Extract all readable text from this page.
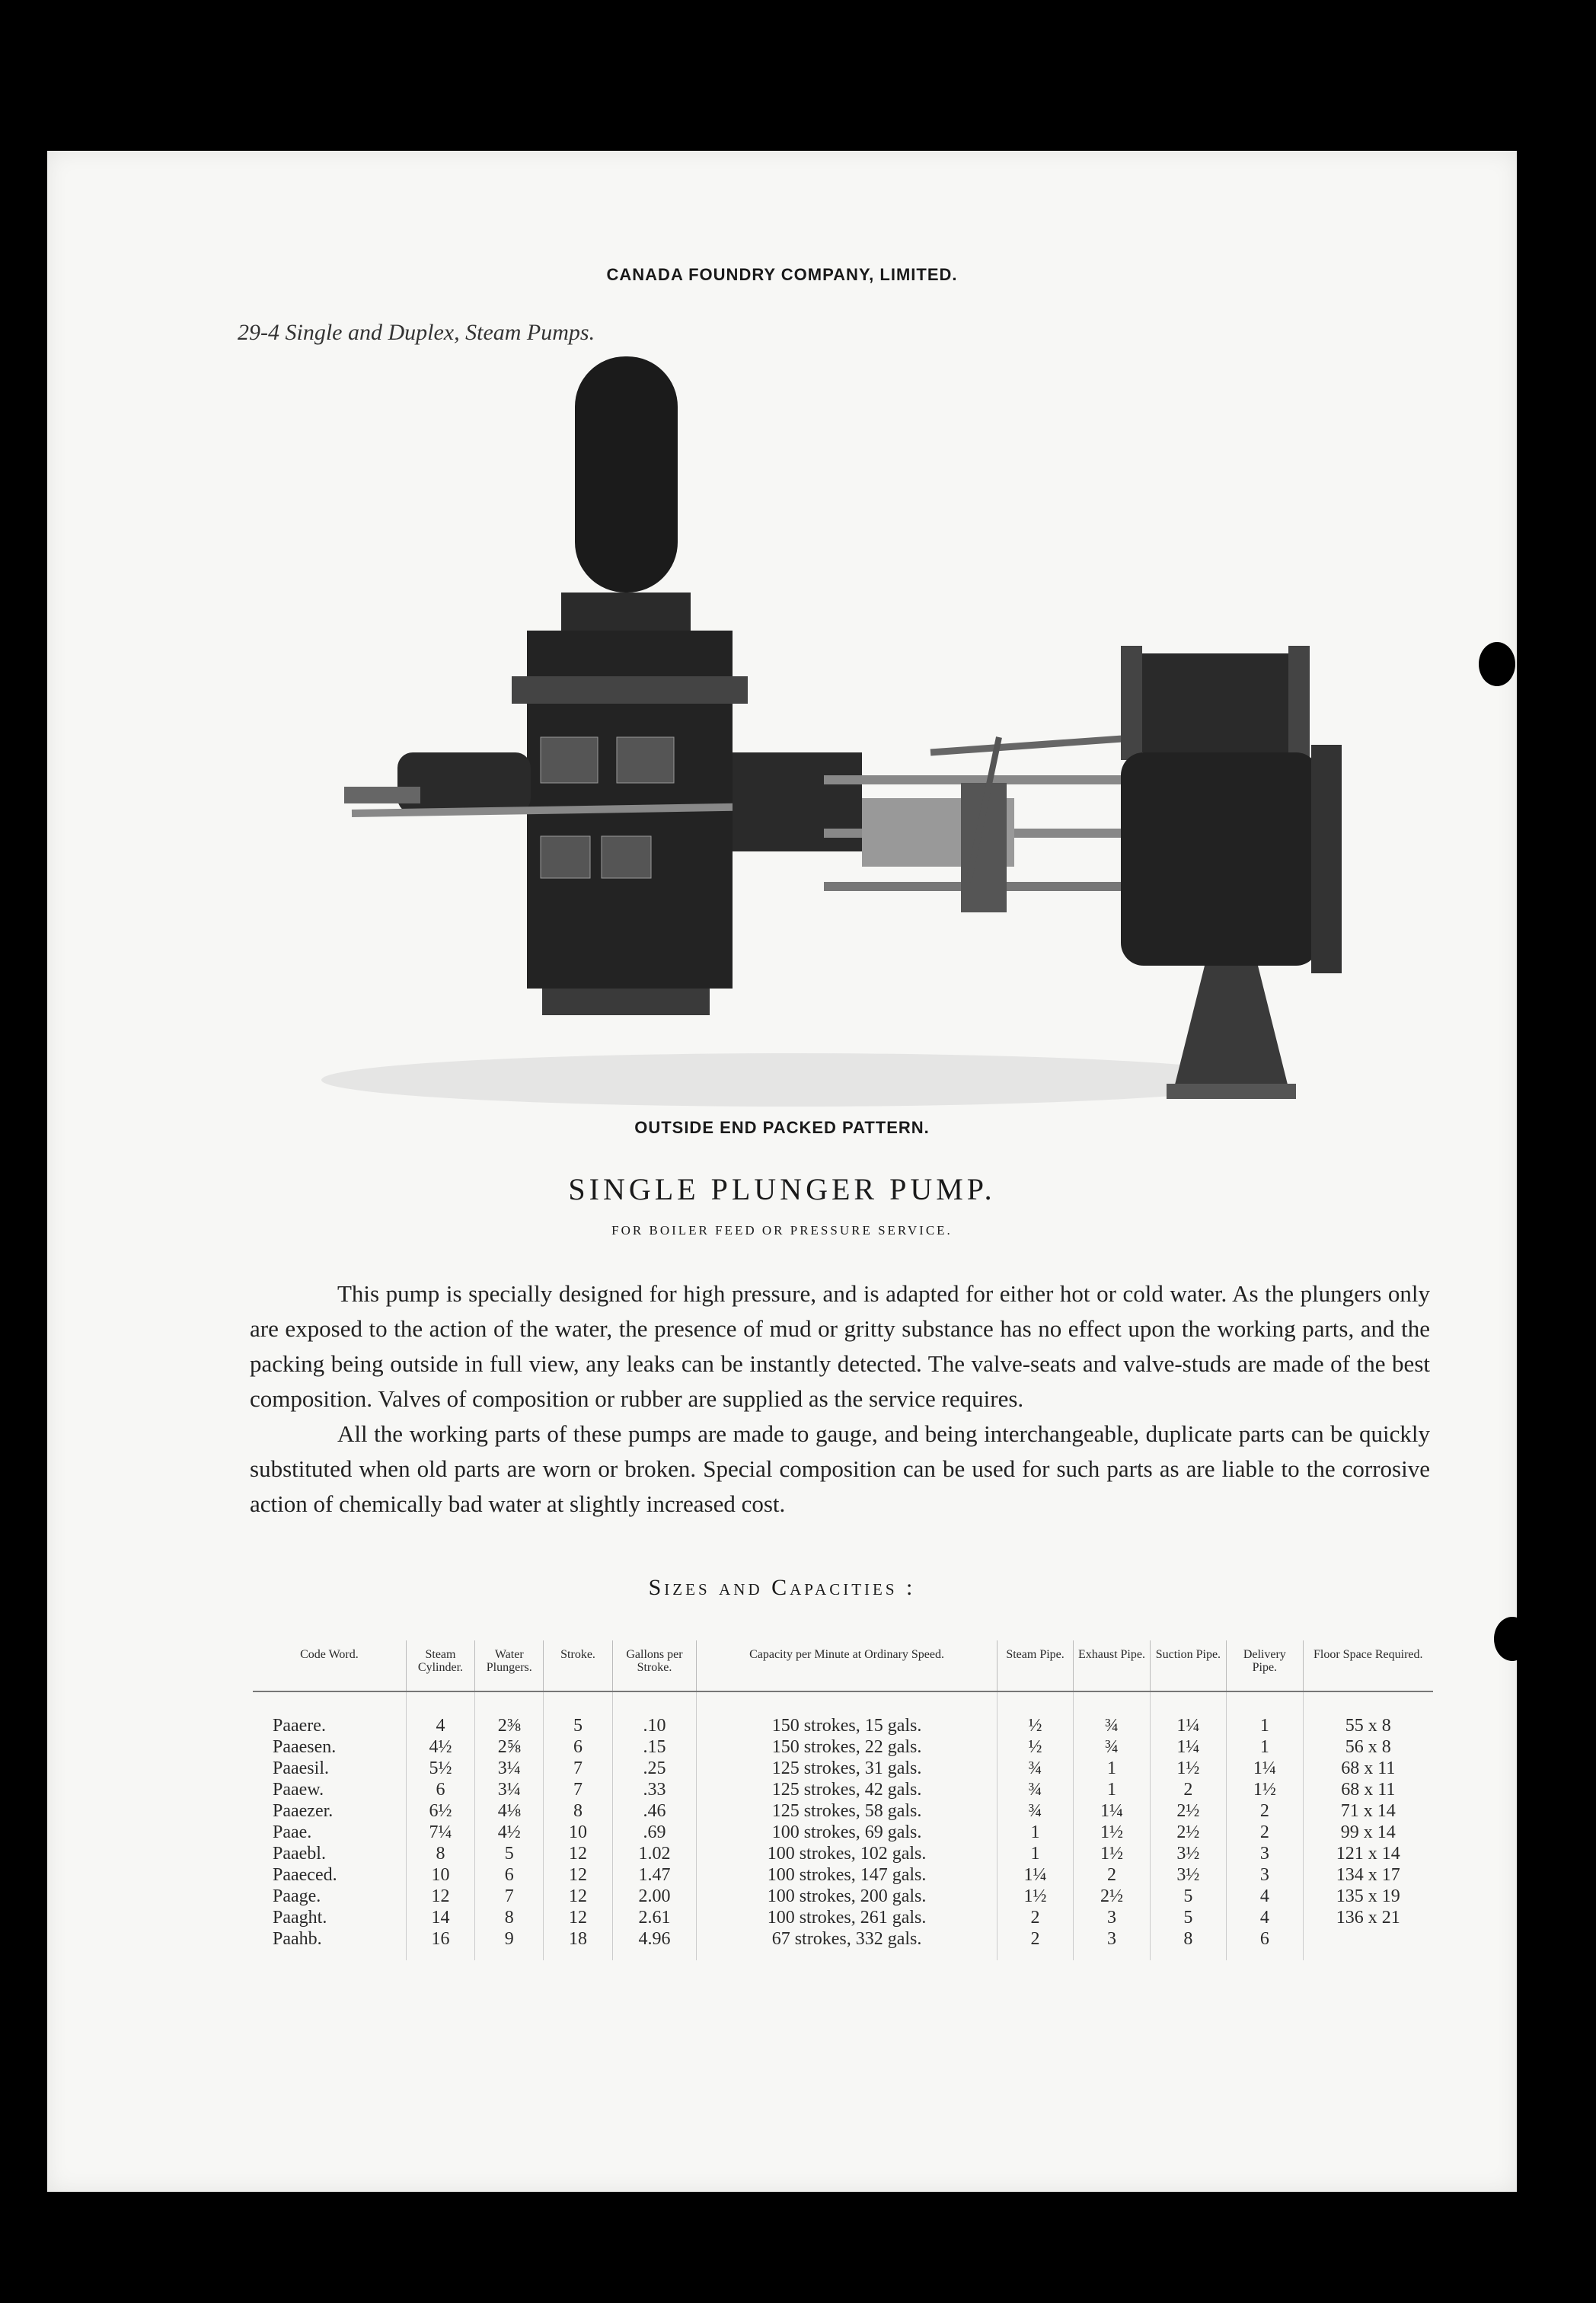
CANADA FOUNDRY COMPANY, LIMITED.
29-4 Single and Duplex, Steam Pumps.
OUTSIDE END PACKED PATTERN.
SINGLE PLUNGER PUMP.
FOR BOILER FEED OR PRESSURE SERVICE.

This pump is specially designed for high pressure, and is adapted for either hot or cold water. As the plungers only are exposed to the action of the water, the presence of mud or gritty substance has no effect upon the working parts, and the packing being outside in full view, any leaks can be instantly detected. The valve-seats and valve-studs are made of the best composition. Valves of composition or rubber are supplied as the service requires.

All the working parts of these pumps are made to gauge, and being interchangeable, duplicate parts can be quickly substituted when old parts are worn or broken. Special composition can be used for such parts as are liable to the corrosive action of chemically bad water at slightly increased cost.

Sizes and Capacities :
Code Word.	Steam Cylinder.	Water Plungers.	Stroke.	Gallons per Stroke.	Capacity per Minute at Ordinary Speed.	Steam Pipe.	Exhaust Pipe.	Suction Pipe.	Delivery Pipe.	Floor Space Required.
Paaere.	4	2⅜	5	.10	150 strokes, 15 gals.	½	¾	1¼	1	55 x 8
Paaesen.	4½	2⅝	6	.15	150 strokes, 22 gals.	½	¾	1¼	1	56 x 8
Paaesil.	5½	3¼	7	.25	125 strokes, 31 gals.	¾	1	1½	1¼	68 x 11
Paaew.	6	3¼	7	.33	125 strokes, 42 gals.	¾	1	2	1½	68 x 11
Paaezer.	6½	4⅛	8	.46	125 strokes, 58 gals.	¾	1¼	2½	2	71 x 14
Paae.	7¼	4½	10	.69	100 strokes, 69 gals.	1	1½	2½	2	99 x 14
Paaebl.	8	5	12	1.02	100 strokes, 102 gals.	1	1½	3½	3	121 x 14
Paaeced.	10	6	12	1.47	100 strokes, 147 gals.	1¼	2	3½	3	134 x 17
Paage.	12	7	12	2.00	100 strokes, 200 gals.	1½	2½	5	4	135 x 19
Paaght.	14	8	12	2.61	100 strokes, 261 gals.	2	3	5	4	136 x 21
Paahb.	16	9	18	4.96	67 strokes, 332 gals.	2	3	8	6	
